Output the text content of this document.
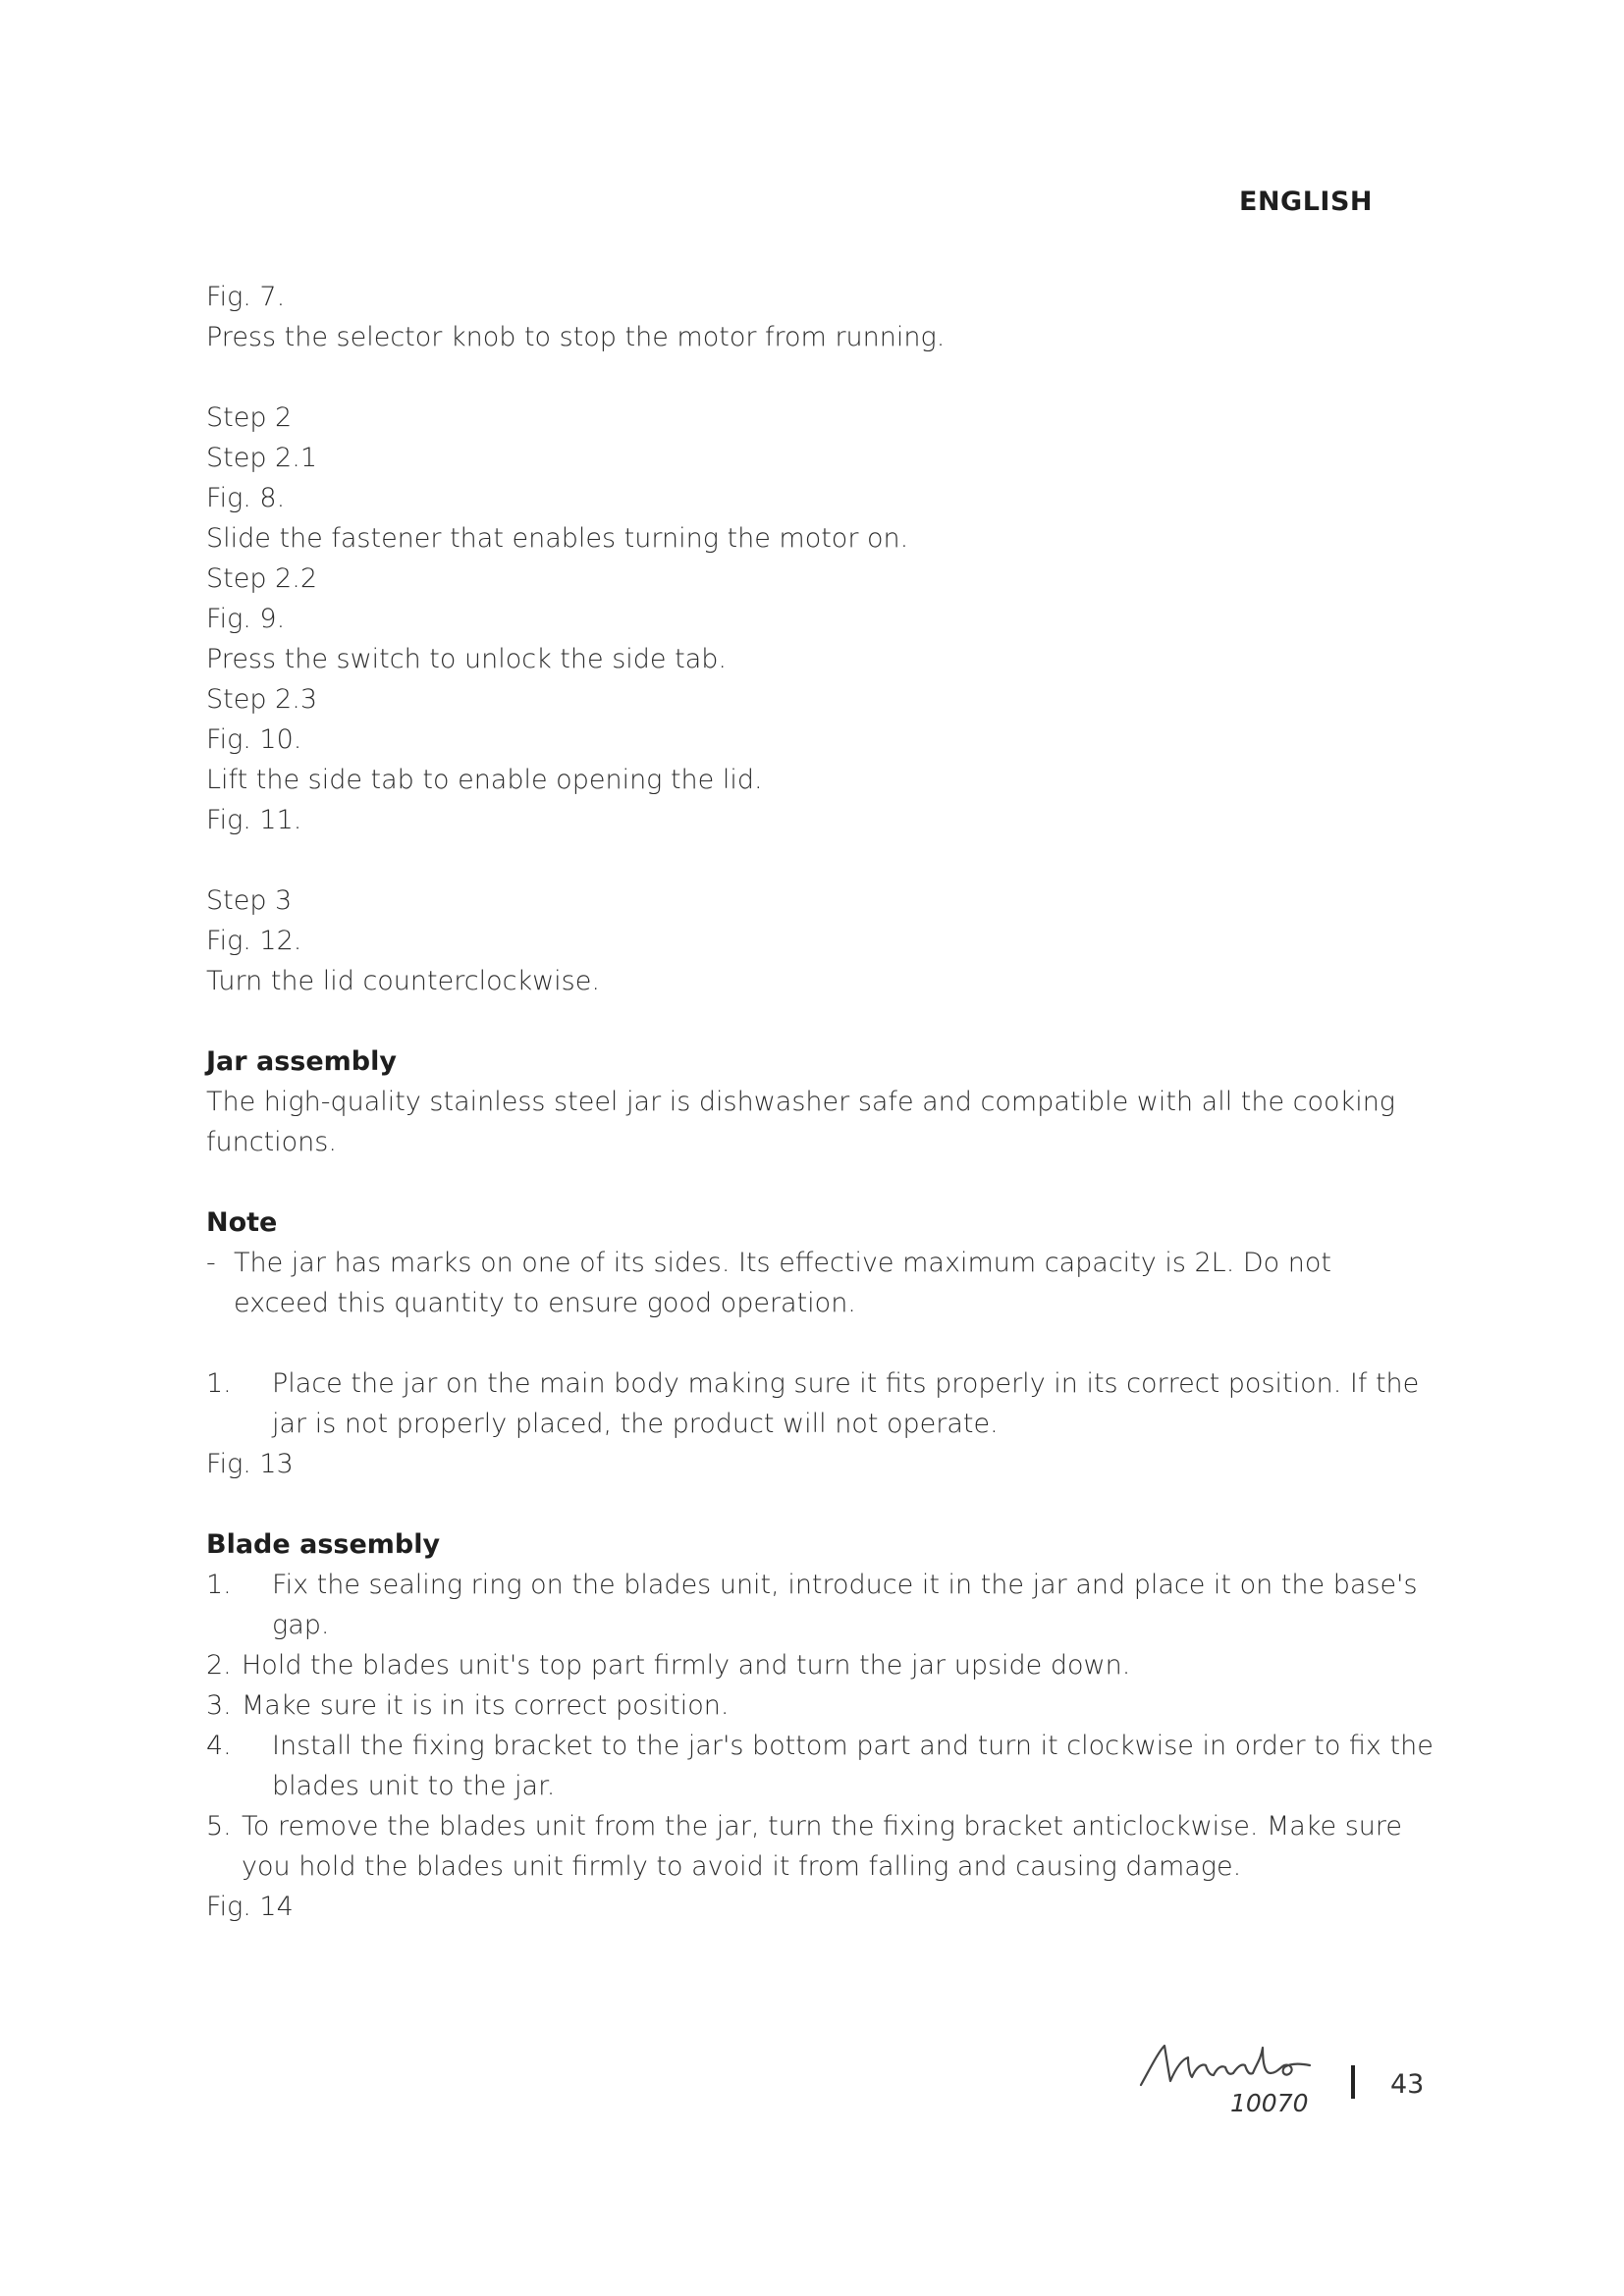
ENGLISH

Fig. 7.

Press the selector knob to stop the motor from running.

Step 2

Step 2.1

Fig. 8.

Slide the fastener that enables turning the motor on.

Step 2.2

Fig. 9.

Press the switch to unlock the side tab.

Step 2.3

Fig. 10.

Lift the side tab to enable opening the lid.

Fig. 11.

Step 3

Fig. 12.

Turn the lid counterclockwise.

Jar assembly

The high-quality stainless steel jar is dishwasher safe and compatible with all the cooking functions.

Note

- The jar has marks on one of its sides. Its effective maximum capacity is 2L. Do not exceed this quantity to ensure good operation.
1.	Place the jar on the main body making sure it fits properly in its correct position. If the jar is not properly placed, the product will not operate.

Fig. 13

Blade assembly

1.	Fix the sealing ring on the blades unit, introduce it in the jar and place it on the base's gap.
2. Hold the blades unit's top part firmly and turn the jar upside down.
3. Make sure it is in its correct position.
4.	Install the fixing bracket to the jar's bottom part and turn it clockwise in order to fix the blades unit to the jar.
5. To remove the blades unit from the jar, turn the fixing bracket anticlockwise. Make sure you hold the blades unit firmly to avoid it from falling and causing damage.

Fig. 14

10070
43
